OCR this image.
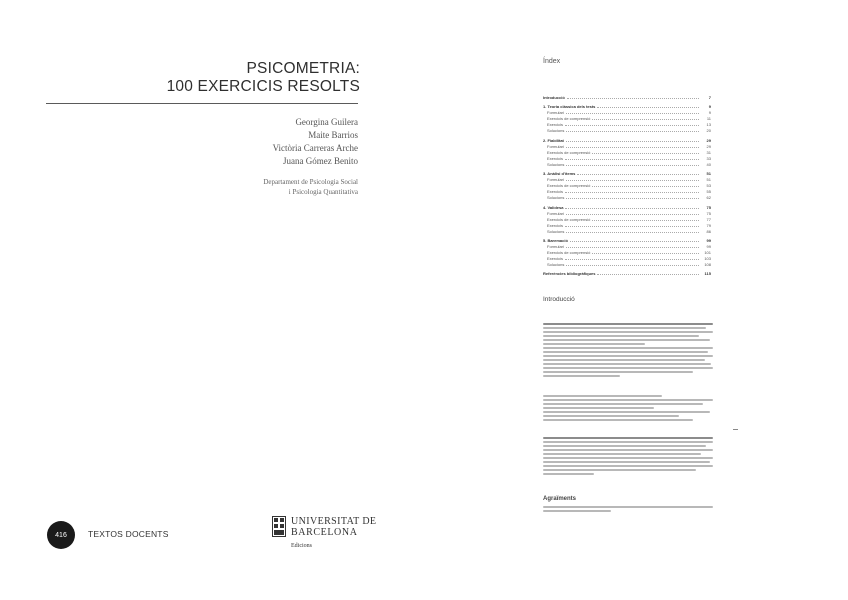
PSICOMETRIA:
100 EXERCICIS RESOLTS
Georgina Guilera
Maite Barrios
Victòria Carreras Arche
Juana Gómez Benito
Departament de Psicologia Social
i Psicologia Quantitativa
416 TEXTOS DOCENTS
UNIVERSITAT DE
BARCELONA
Edicions
Índex
Introducció	7
1. Teoria clàssica dels tests	9
Formulari	9
Exercicis de comprensió	11
Exercicis	13
Solucions	20
2. Fiabilitat	29
Formulari	29
Exercicis de comprensió	31
Exercicis	33
Solucions	40
3. Anàlisi d'ítems	51
Formulari	51
Exercicis de comprensió	53
Exercicis	55
Solucions	62
4. Validesa	75
Formulari	75
Exercicis de comprensió	77
Exercicis	79
Solucions	86
5. Baremació	99
Formulari	99
Exercicis de comprensió	101
Exercicis	103
Solucions	108
Referències bibliogràfiques	115
Introducció
Agraïments
